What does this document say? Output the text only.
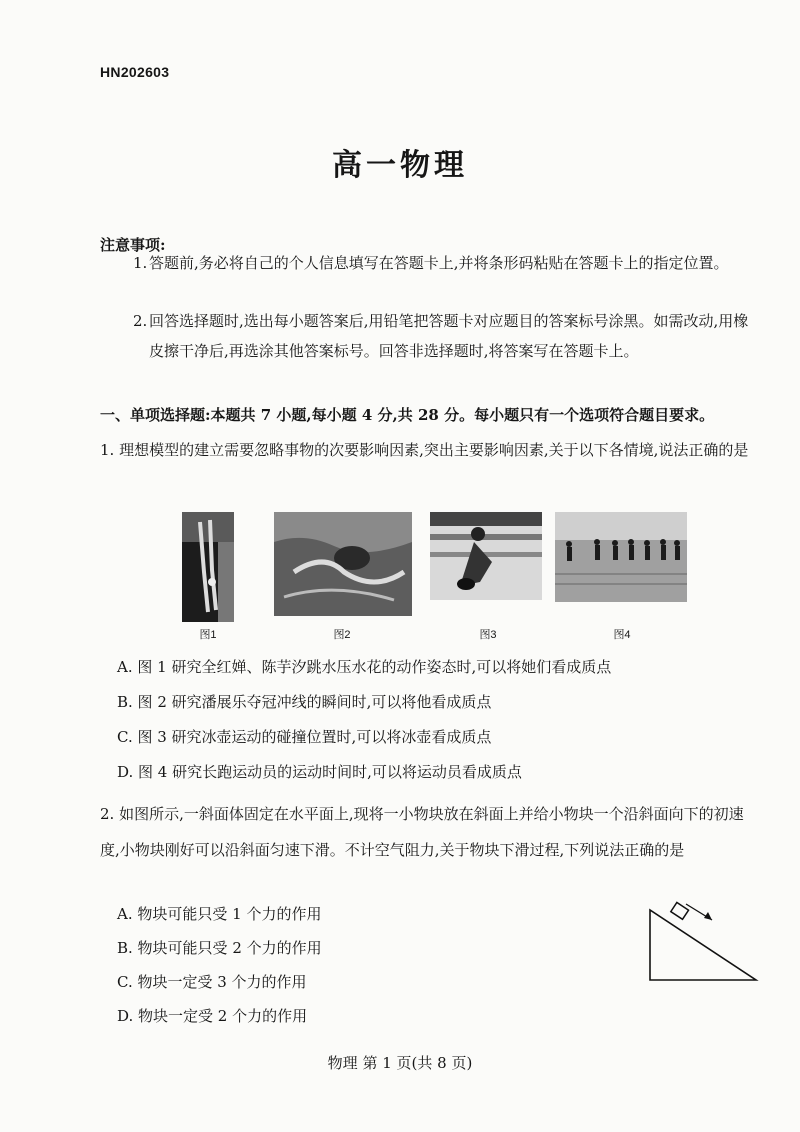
HN202603
高一物理
注意事项:
1. 答题前,务必将自己的个人信息填写在答题卡上,并将条形码粘贴在答题卡上的指定位置。
2. 回答选择题时,选出每小题答案后,用铅笔把答题卡对应题目的答案标号涂黑。如需改动,用橡皮擦干净后,再选涂其他答案标号。回答非选择题时,将答案写在答题卡上。
一、单项选择题:本题共 7 小题,每小题 4 分,共 28 分。每小题只有一个选项符合题目要求。
1. 理想模型的建立需要忽略事物的次要影响因素,突出主要影响因素,关于以下各情境,说法正确的是
图1	图2	图3	图4
A. 图 1 研究全红婵、陈芋汐跳水压水花的动作姿态时,可以将她们看成质点
B. 图 2 研究潘展乐夺冠冲线的瞬间时,可以将他看成质点
C. 图 3 研究冰壶运动的碰撞位置时,可以将冰壶看成质点
D. 图 4 研究长跑运动员的运动时间时,可以将运动员看成质点
2. 如图所示,一斜面体固定在水平面上,现将一小物块放在斜面上并给小物块一个沿斜面向下的初速度,小物块刚好可以沿斜面匀速下滑。不计空气阻力,关于物块下滑过程,下列说法正确的是
A. 物块可能只受 1 个力的作用
B. 物块可能只受 2 个力的作用
C. 物块一定受 3 个力的作用
D. 物块一定受 2 个力的作用
物理 第 1 页(共 8 页)
